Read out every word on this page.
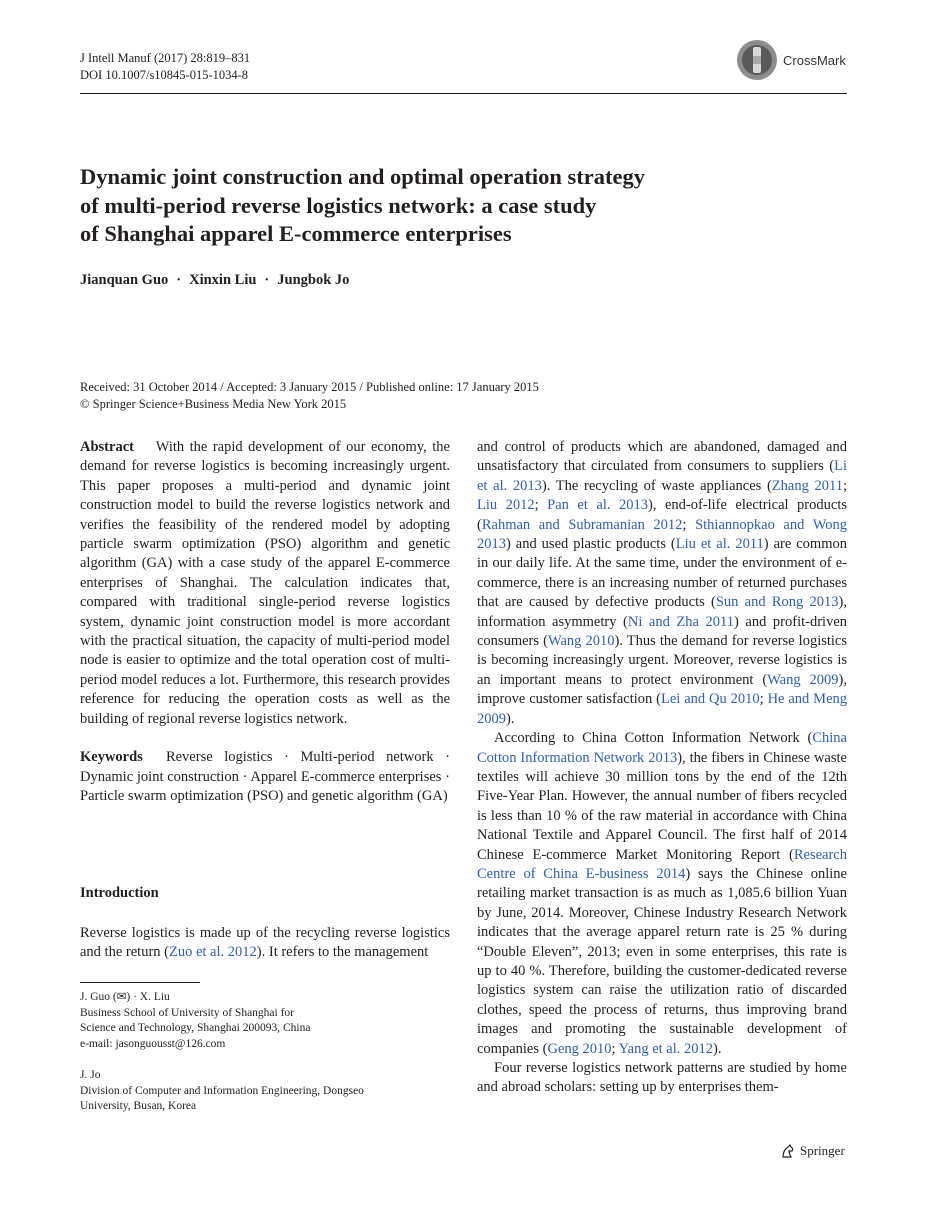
J Intell Manuf (2017) 28:819–831
DOI 10.1007/s10845-015-1034-8
CrossMark
Dynamic joint construction and optimal operation strategy
of multi-period reverse logistics network: a case study
of Shanghai apparel E-commerce enterprises
Jianquan Guo · Xinxin Liu · Jungbok Jo
Received: 31 October 2014 / Accepted: 3 January 2015 / Published online: 17 January 2015
© Springer Science+Business Media New York 2015

Abstract With the rapid development of our economy, the demand for reverse logistics is becoming increasingly urgent. This paper proposes a multi-period and dynamic joint construction model to build the reverse logistics network and verifies the feasibility of the rendered model by adopting particle swarm optimization (PSO) algorithm and genetic algorithm (GA) with a case study of the apparel E-commerce enterprises of Shanghai. The calculation indicates that, compared with traditional single-period reverse logistics system, dynamic joint construction model is more accordant with the practical situation, the capacity of multi-period model node is easier to optimize and the total operation cost of multi-period model reduces a lot. Furthermore, this research provides reference for reducing the operation costs as well as the building of regional reverse logistics network.

Keywords Reverse logistics · Multi-period network · Dynamic joint construction · Apparel E-commerce enterprises · Particle swarm optimization (PSO) and genetic algorithm (GA)

Introduction
Reverse logistics is made up of the recycling reverse logistics and the return (Zuo et al. 2012). It refers to the management
J. Guo (✉) · X. Liu
Business School of University of Shanghai for
Science and Technology, Shanghai 200093, China
e-mail: jasonguousst@126.com
J. Jo
Division of Computer and Information Engineering, Dongseo
University, Busan, Korea

and control of products which are abandoned, damaged and unsatisfactory that circulated from consumers to suppliers (Li et al. 2013). The recycling of waste appliances (Zhang 2011; Liu 2012; Pan et al. 2013), end-of-life electrical products (Rahman and Subramanian 2012; Sthiannopkao and Wong 2013) and used plastic products (Liu et al. 2011) are common in our daily life. At the same time, under the environment of e-commerce, there is an increasing number of returned purchases that are caused by defective products (Sun and Rong 2013), information asymmetry (Ni and Zha 2011) and profit-driven consumers (Wang 2010). Thus the demand for reverse logistics is becoming increasingly urgent. Moreover, reverse logistics is an important means to protect environment (Wang 2009), improve customer satisfaction (Lei and Qu 2010; He and Meng 2009).

According to China Cotton Information Network (China Cotton Information Network 2013), the fibers in Chinese waste textiles will achieve 30 million tons by the end of the 12th Five-Year Plan. However, the annual number of fibers recycled is less than 10 % of the raw material in accordance with China National Textile and Apparel Council. The first half of 2014 Chinese E-commerce Market Monitoring Report (Research Centre of China E-business 2014) says the Chinese online retailing market transaction is as much as 1,085.6 billion Yuan by June, 2014. Moreover, Chinese Industry Research Network indicates that the average apparel return rate is 25 % during “Double Eleven”, 2013; even in some enterprises, this rate is up to 40 %. Therefore, building the customer-dedicated reverse logistics system can raise the utilization ratio of discarded clothes, speed the process of returns, thus improving brand images and promoting the sustainable development of companies (Geng 2010; Yang et al. 2012).

Four reverse logistics network patterns are studied by home and abroad scholars: setting up by enterprises them-

Springer
